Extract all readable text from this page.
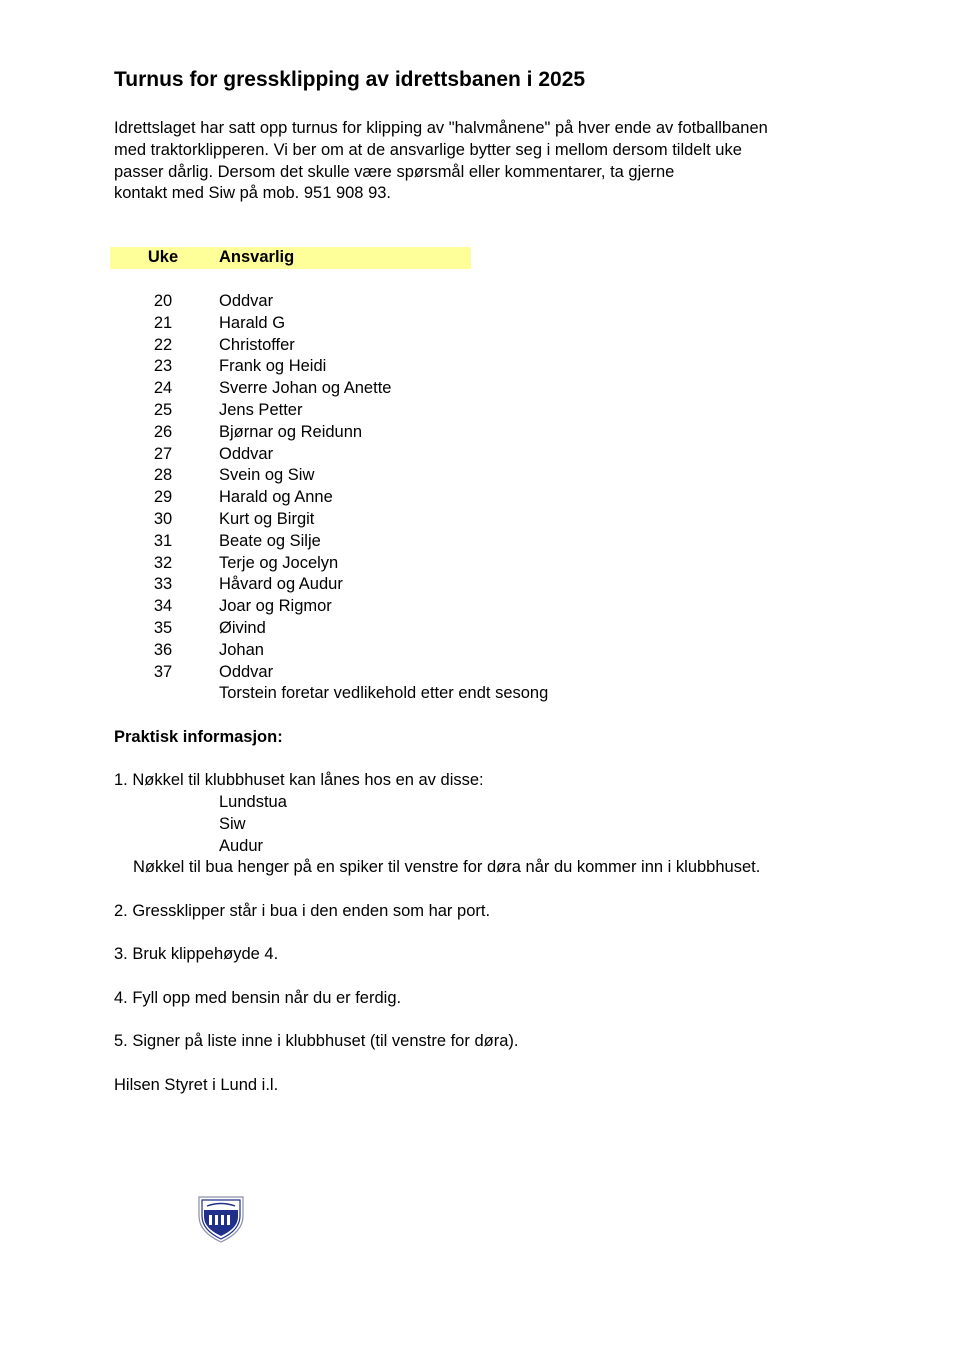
Turnus for gressklipping av idrettsbanen i 2025
Idrettslaget har satt opp turnus for klipping av "halvmånene" på hver ende av fotballbanen
med traktorklipperen. Vi ber om at de ansvarlige bytter seg i mellom dersom tildelt uke
passer dårlig. Dersom det skulle være spørsmål eller kommentarer, ta gjerne
kontakt med Siw på mob. 951 908 93.
Uke	Ansvarlig
20	Oddvar
21	Harald G
22	Christoffer
23	Frank og Heidi
24	Sverre Johan og Anette
25	Jens Petter
26	Bjørnar og Reidunn
27	Oddvar
28	Svein og Siw
29	Harald og Anne
30	Kurt og Birgit
31	Beate og Silje
32	Terje og Jocelyn
33	Håvard og Audur
34	Joar og Rigmor
35	Øivind
36	Johan
37	Oddvar
Torstein foretar vedlikehold etter endt sesong
Praktisk informasjon:
1. Nøkkel til klubbhuset kan lånes hos en av disse:
Lundstua
Siw
Audur
Nøkkel til bua henger på en spiker til venstre for døra når du kommer inn i klubbhuset.
2. Gressklipper står i bua i den enden som har port.
3. Bruk klippehøyde 4.
4. Fyll opp med bensin når du er ferdig.
5. Signer på liste inne i klubbhuset (til venstre for døra).
Hilsen Styret i Lund i.l.
